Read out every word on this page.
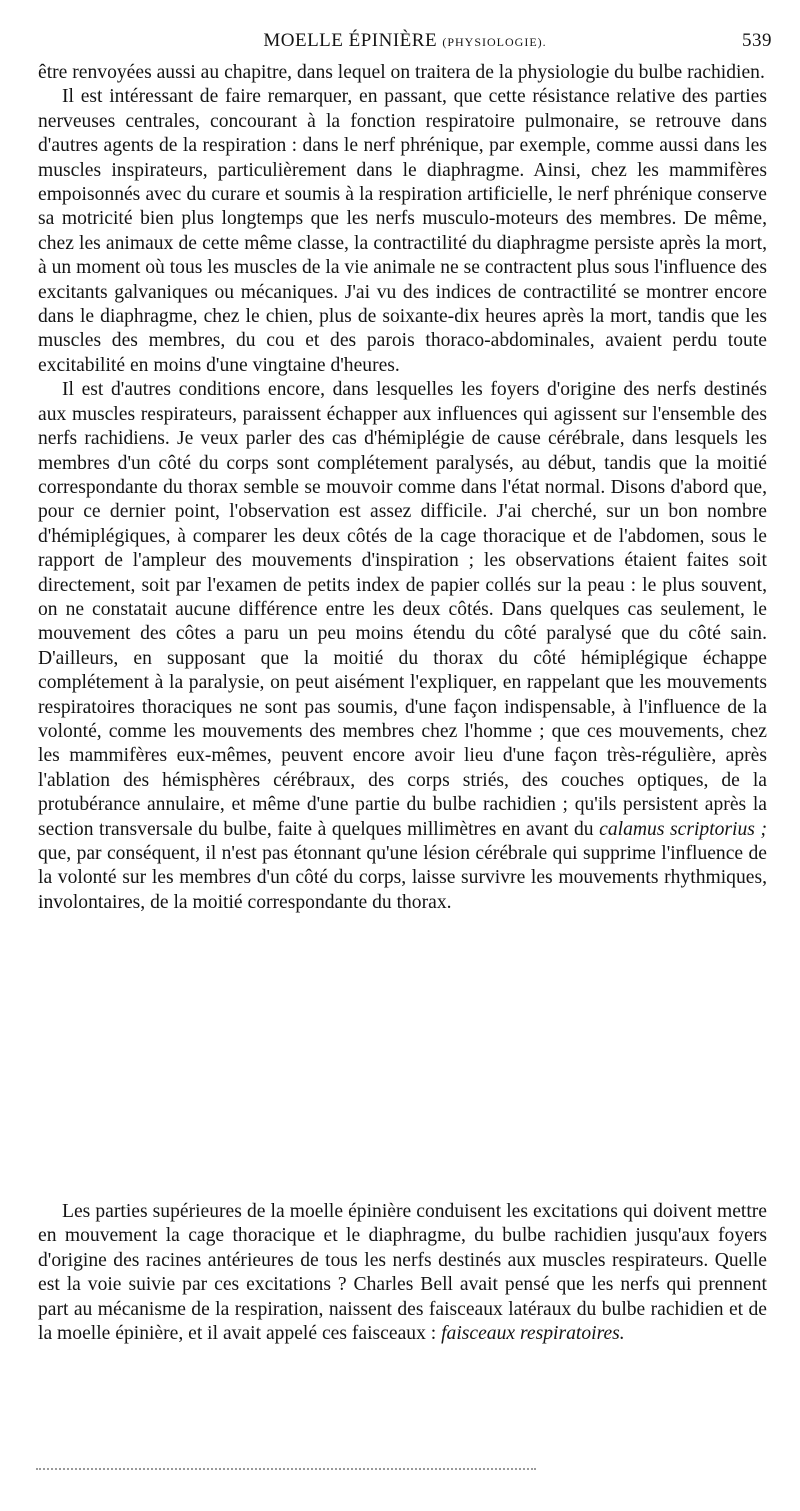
MOELLE ÉPINIÈRE (PHYSIOLOGIE).	539

être renvoyées aussi au chapitre, dans lequel on traitera de la physiologie du bulbe rachidien.

Il est intéressant de faire remarquer, en passant, que cette résistance relative des parties nerveuses centrales, concourant à la fonction respiratoire pulmonaire, se retrouve dans d'autres agents de la respiration : dans le nerf phrénique, par exemple, comme aussi dans les muscles inspirateurs, particulièrement dans le diaphragme. Ainsi, chez les mammifères empoisonnés avec du curare et soumis à la respiration artificielle, le nerf phrénique conserve sa motricité bien plus longtemps que les nerfs musculo-moteurs des membres. De même, chez les animaux de cette même classe, la contractilité du diaphragme persiste après la mort, à un moment où tous les muscles de la vie animale ne se contractent plus sous l'influence des excitants galvaniques ou mécaniques. J'ai vu des indices de contractilité se montrer encore dans le diaphragme, chez le chien, plus de soixante-dix heures après la mort, tandis que les muscles des membres, du cou et des parois thoraco-abdominales, avaient perdu toute excitabilité en moins d'une vingtaine d'heures.

Il est d'autres conditions encore, dans lesquelles les foyers d'origine des nerfs destinés aux muscles respirateurs, paraissent échapper aux influences qui agissent sur l'ensemble des nerfs rachidiens. Je veux parler des cas d'hémiplégie de cause cérébrale, dans lesquels les membres d'un côté du corps sont complétement paralysés, au début, tandis que la moitié correspondante du thorax semble se mouvoir comme dans l'état normal. Disons d'abord que, pour ce dernier point, l'observation est assez difficile. J'ai cherché, sur un bon nombre d'hémiplégiques, à comparer les deux côtés de la cage thoracique et de l'abdomen, sous le rapport de l'ampleur des mouvements d'inspiration ; les observations étaient faites soit directement, soit par l'examen de petits index de papier collés sur la peau : le plus souvent, on ne constatait aucune différence entre les deux côtés. Dans quelques cas seulement, le mouvement des côtes a paru un peu moins étendu du côté paralysé que du côté sain. D'ailleurs, en supposant que la moitié du thorax du côté hémiplégique échappe complétement à la paralysie, on peut aisément l'expliquer, en rappelant que les mouvements respiratoires thoraciques ne sont pas soumis, d'une façon indispensable, à l'influence de la volonté, comme les mouvements des membres chez l'homme ; que ces mouvements, chez les mammifères eux-mêmes, peuvent encore avoir lieu d'une façon très-régulière, après l'ablation des hémisphères cérébraux, des corps striés, des couches optiques, de la protubérance annulaire, et même d'une partie du bulbe rachidien ; qu'ils persistent après la section transversale du bulbe, faite à quelques millimètres en avant du calamus scriptorius ; que, par conséquent, il n'est pas étonnant qu'une lésion cérébrale qui supprime l'influence de la volonté sur les membres d'un côté du corps, laisse survivre les mouvements rhythmiques, involontaires, de la moitié correspondante du thorax.

Les parties supérieures de la moelle épinière conduisent les excitations qui doivent mettre en mouvement la cage thoracique et le diaphragme, du bulbe rachidien jusqu'aux foyers d'origine des racines antérieures de tous les nerfs destinés aux muscles respirateurs. Quelle est la voie suivie par ces excitations ? Charles Bell avait pensé que les nerfs qui prennent part au mécanisme de la respiration, naissent des faisceaux latéraux du bulbe rachidien et de la moelle épinière, et il avait appelé ces faisceaux : faisceaux respiratoires.
